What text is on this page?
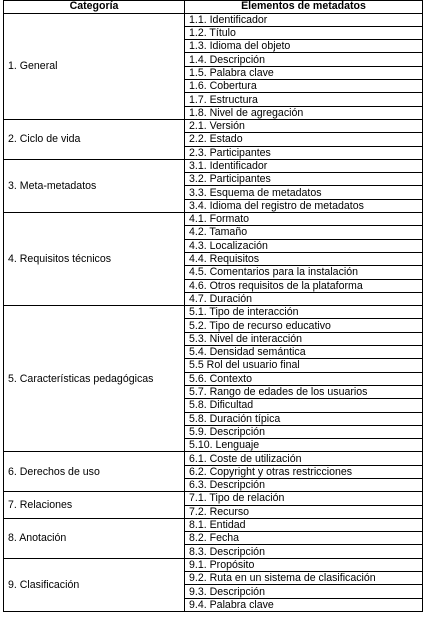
Categoría	Elementos de metadatos
1. General	1.1. Identificador
	1.2. Título
	1.3. Idioma del objeto
	1.4. Descripción
	1.5. Palabra clave
	1.6. Cobertura
	1.7. Estructura
	1.8. Nivel de agregación
2. Ciclo de vida	2.1. Versión
	2.2. Estado
	2.3. Participantes
3. Meta-metadatos	3.1. Identificador
	3.2. Participantes
	3.3. Esquema de metadatos
	3.4. Idioma del registro de metadatos
4. Requisitos técnicos	4.1. Formato
	4.2. Tamaño
	4.3. Localización
	4.4. Requisitos
	4.5. Comentarios para la instalación
	4.6. Otros requisitos de la plataforma
	4.7. Duración
5. Características pedagógicas	5.1. Tipo de interacción
	5.2. Tipo de recurso educativo
	5.3. Nivel de interacción
	5.4. Densidad semántica
	5.5 Rol del usuario final
	5.6. Contexto
	5.7. Rango de edades de los usuarios
	5.8. Dificultad
	5.8. Duración típica
	5.9. Descripción
	5.10. Lenguaje
6. Derechos de uso	6.1. Coste de utilización
	6.2. Copyright y otras restricciones
	6.3. Descripción
7. Relaciones	7.1. Tipo de relación
	7.2. Recurso
8. Anotación	8.1. Entidad
	8.2. Fecha
	8.3. Descripción
9. Clasificación	9.1. Propósito
	9.2. Ruta en un sistema de clasificación
	9.3. Descripción
	9.4. Palabra clave
